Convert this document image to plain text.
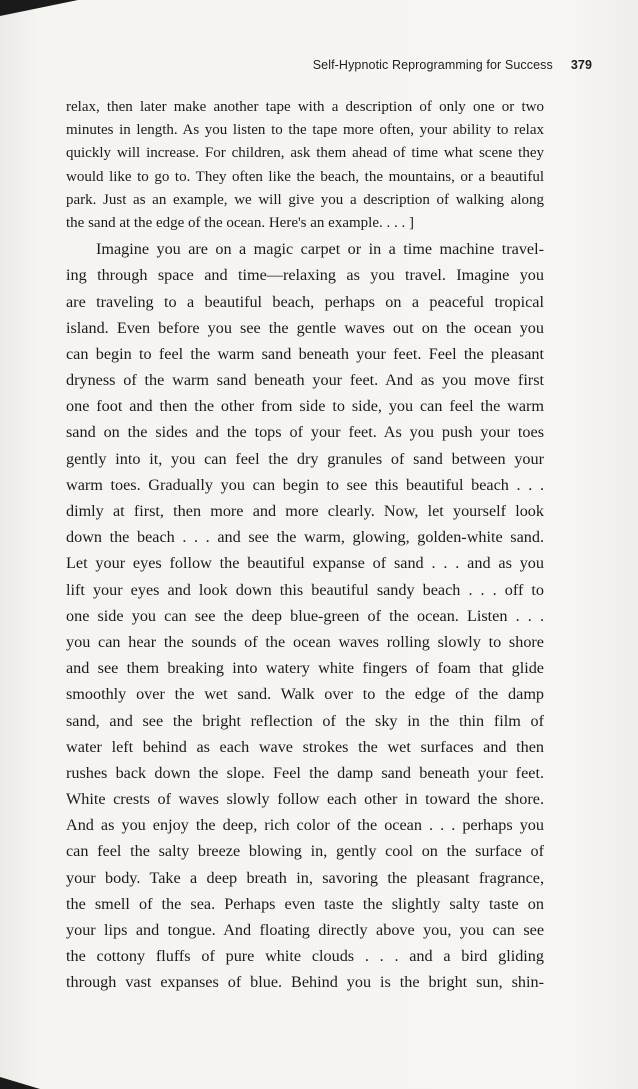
Self-Hypnotic Reprogramming for Success 379
relax, then later make another tape with a description of only one or two
minutes in length. As you listen to the tape more often, your ability to relax
quickly will increase. For children, ask them ahead of time what scene they
would like to go to. They often like the beach, the mountains, or a beautiful
park. Just as an example, we will give you a description of walking along
the sand at the edge of the ocean. Here's an example. . . . ]
Imagine you are on a magic carpet or in a time machine travel-
ing through space and time—relaxing as you travel. Imagine you
are traveling to a beautiful beach, perhaps on a peaceful tropical
island. Even before you see the gentle waves out on the ocean you
can begin to feel the warm sand beneath your feet. Feel the pleasant
dryness of the warm sand beneath your feet. And as you move first
one foot and then the other from side to side, you can feel the warm
sand on the sides and the tops of your feet. As you push your toes
gently into it, you can feel the dry granules of sand between your
warm toes. Gradually you can begin to see this beautiful beach . . .
dimly at first, then more and more clearly. Now, let yourself look
down the beach . . . and see the warm, glowing, golden-white sand.
Let your eyes follow the beautiful expanse of sand . . . and as you
lift your eyes and look down this beautiful sandy beach . . . off to
one side you can see the deep blue-green of the ocean. Listen . . .
you can hear the sounds of the ocean waves rolling slowly to shore
and see them breaking into watery white fingers of foam that glide
smoothly over the wet sand. Walk over to the edge of the damp
sand, and see the bright reflection of the sky in the thin film of
water left behind as each wave strokes the wet surfaces and then
rushes back down the slope. Feel the damp sand beneath your feet.
White crests of waves slowly follow each other in toward the shore.
And as you enjoy the deep, rich color of the ocean . . . perhaps you
can feel the salty breeze blowing in, gently cool on the surface of
your body. Take a deep breath in, savoring the pleasant fragrance,
the smell of the sea. Perhaps even taste the slightly salty taste on
your lips and tongue. And floating directly above you, you can see
the cottony fluffs of pure white clouds . . . and a bird gliding
through vast expanses of blue. Behind you is the bright sun, shin-
